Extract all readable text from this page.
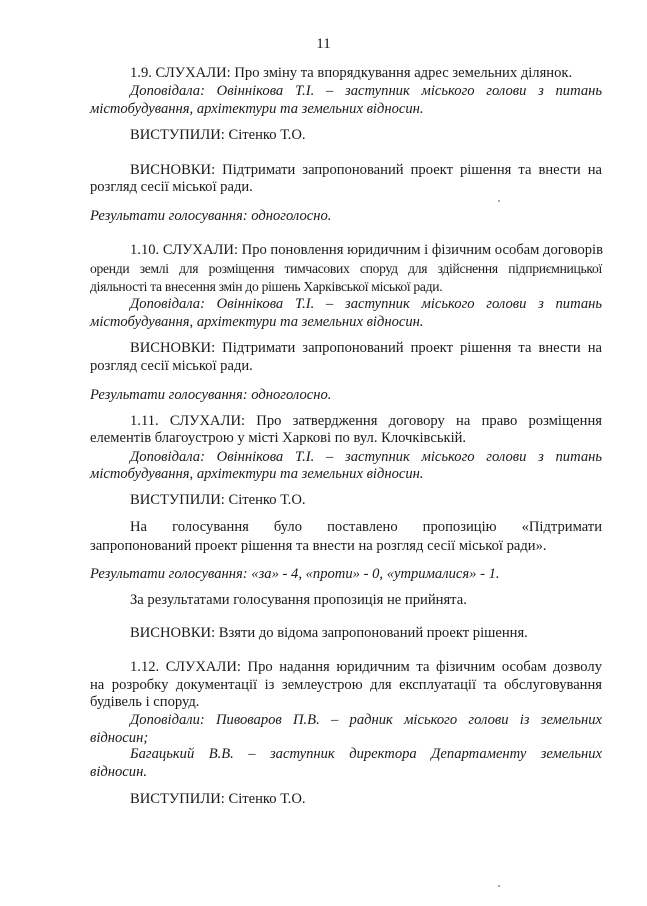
11
1.9. СЛУХАЛИ: Про зміну та впорядкування адрес земельних ділянок.
Доповідала: Овіннікова Т.І. – заступник міського голови з питань
містобудування, архітектури та земельних відносин.
ВИСТУПИЛИ: Сітенко Т.О.
ВИСНОВКИ: Підтримати запропонований проект рішення та внести на
розгляд сесії міської ради.
Результати голосування: одноголосно.
1.10. СЛУХАЛИ: Про поновлення юридичним і фізичним особам договорів
оренди землі для розміщення тимчасових споруд для здійснення підприємницької
діяльності та внесення змін до рішень Харківської міської ради.
Доповідала: Овіннікова Т.І. – заступник міського голови з питань
містобудування, архітектури та земельних відносин.
ВИСНОВКИ: Підтримати запропонований проект рішення та внести на
розгляд сесії міської ради.
Результати голосування: одноголосно.
1.11. СЛУХАЛИ: Про затвердження договору на право розміщення
елементів благоустрою у місті Харкові по вул. Клочківській.
Доповідала: Овіннікова Т.І. – заступник міського голови з питань
містобудування, архітектури та земельних відносин.
ВИСТУПИЛИ: Сітенко Т.О.
На голосування було поставлено пропозицію «Підтримати
запропонований проект рішення та внести на розгляд сесії міської ради».
Результати голосування: «за» - 4, «проти» - 0, «утрималися» - 1.
За результатами голосування пропозиція не прийнята.
ВИСНОВКИ: Взяти до відома запропонований проект рішення.
1.12. СЛУХАЛИ: Про надання юридичним та фізичним особам дозволу
на розробку документації із землеустрою для експлуатації та обслуговування
будівель і споруд.
Доповідали: Пивоваров П.В. – радник міського голови із земельних
відносин;
Багацький В.В. – заступник директора Департаменту земельних
відносин.
ВИСТУПИЛИ: Сітенко Т.О.
